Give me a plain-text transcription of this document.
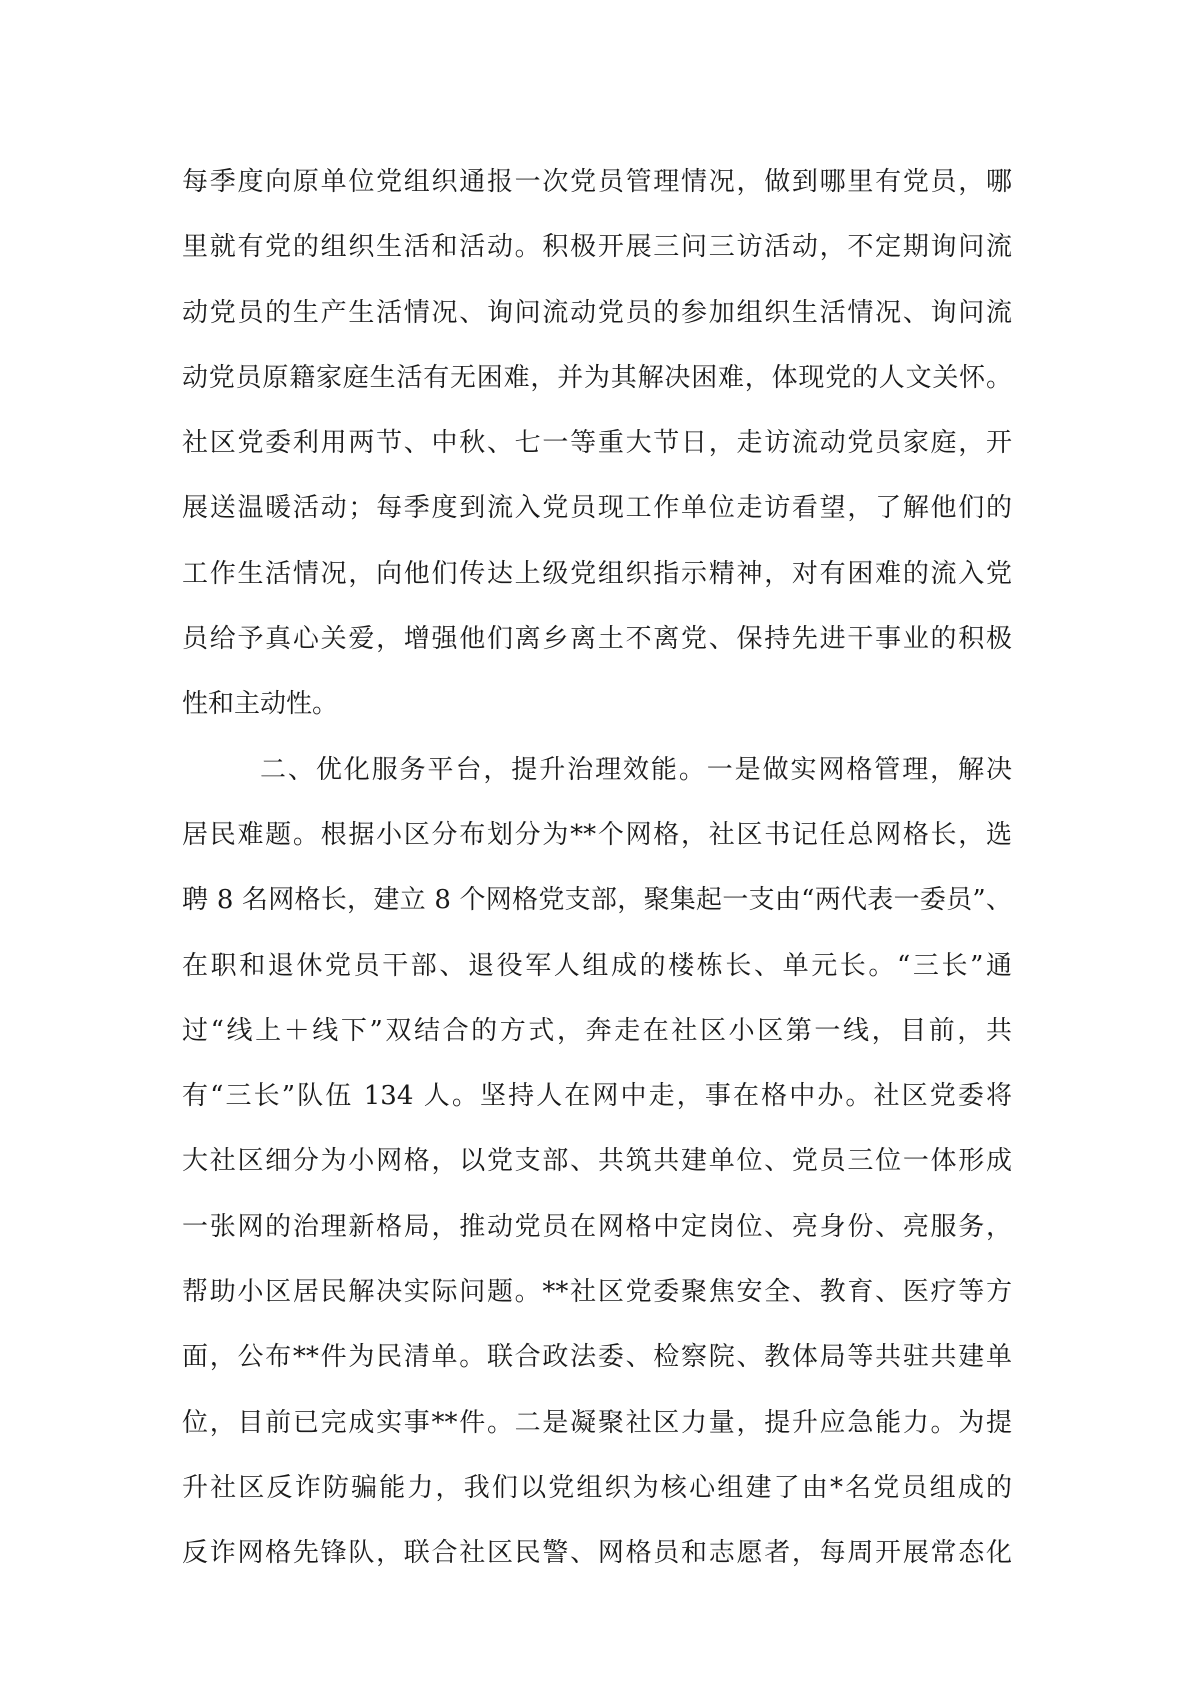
每季度向原单位党组织通报一次党员管理情况，做到哪里有党员，哪
里就有党的组织生活和活动。积极开展三问三访活动，不定期询问流
动党员的生产生活情况、询问流动党员的参加组织生活情况、询问流
动党员原籍家庭生活有无困难，并为其解决困难，体现党的人文关怀。
社区党委利用两节、中秋、七一等重大节日，走访流动党员家庭，开
展送温暖活动；每季度到流入党员现工作单位走访看望，了解他们的
工作生活情况，向他们传达上级党组织指示精神，对有困难的流入党
员给予真心关爱，增强他们离乡离土不离党、保持先进干事业的积极
性和主动性。
二、优化服务平台，提升治理效能。一是做实网格管理，解决
居民难题。根据小区分布划分为**个网格，社区书记任总网格长，选
聘 8 名网格长，建立 8 个网格党支部，聚集起一支由“两代表一委员”、
在职和退休党员干部、退役军人组成的楼栋长、单元长。“三长”通
过“线上＋线下”双结合的方式，奔走在社区小区第一线，目前，共
有“三长”队伍 134 人。坚持人在网中走，事在格中办。社区党委将
大社区细分为小网格，以党支部、共筑共建单位、党员三位一体形成
一张网的治理新格局，推动党员在网格中定岗位、亮身份、亮服务，
帮助小区居民解决实际问题。**社区党委聚焦安全、教育、医疗等方
面，公布**件为民清单。联合政法委、检察院、教体局等共驻共建单
位，目前已完成实事**件。二是凝聚社区力量，提升应急能力。为提
升社区反诈防骗能力，我们以党组织为核心组建了由*名党员组成的
反诈网格先锋队，联合社区民警、网格员和志愿者，每周开展常态化
